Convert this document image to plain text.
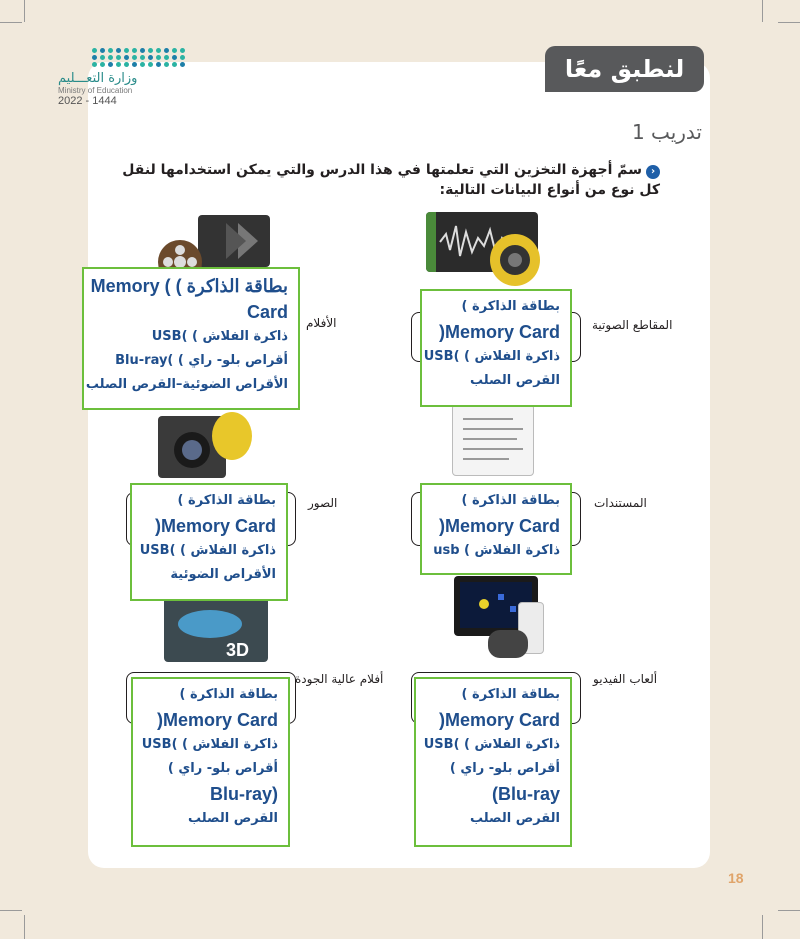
وزارة التعـــليم
Ministry of Education
2022 - 1444
لنطبق معًا
تدريب 1
‹سمّ أجهزة التخزين التي تعلمتها في هذا الدرس والتي يمكن استخدامها لنقل كل نوع من أنواع البيانات التالية:
3D
المقاطع الصوتية
الأفلام
المستندات
الصور
ألعاب الفيديو
أفلام عالية الجودة
بطاقة الذاكرة )
Memory Card(
ذاكرة الفلاش ) )USB
القرص الصلب
بطاقة الذاكرة ) ) Memory
Card
ذاكرة الفلاش ) )USB
أقراص بلو- راي ) )Blu-ray
الأقراص الضوئية–القرص الصلب
بطاقة الذاكرة )
Memory Card(
ذاكرة الفلاش ) usb
بطاقة الذاكرة )
Memory Card(
ذاكرة الفلاش ) )USB
الأقراص الضوئية
بطاقة الذاكرة )
Memory Card(
ذاكرة الفلاش ) )USB
أقراص بلو- راي )
Blu-ray)
القرص الصلب
بطاقة الذاكرة )
Memory Card(
ذاكرة الفلاش ) )USB
أقراص بلو- راي )
(Blu-ray
القرص الصلب
18
